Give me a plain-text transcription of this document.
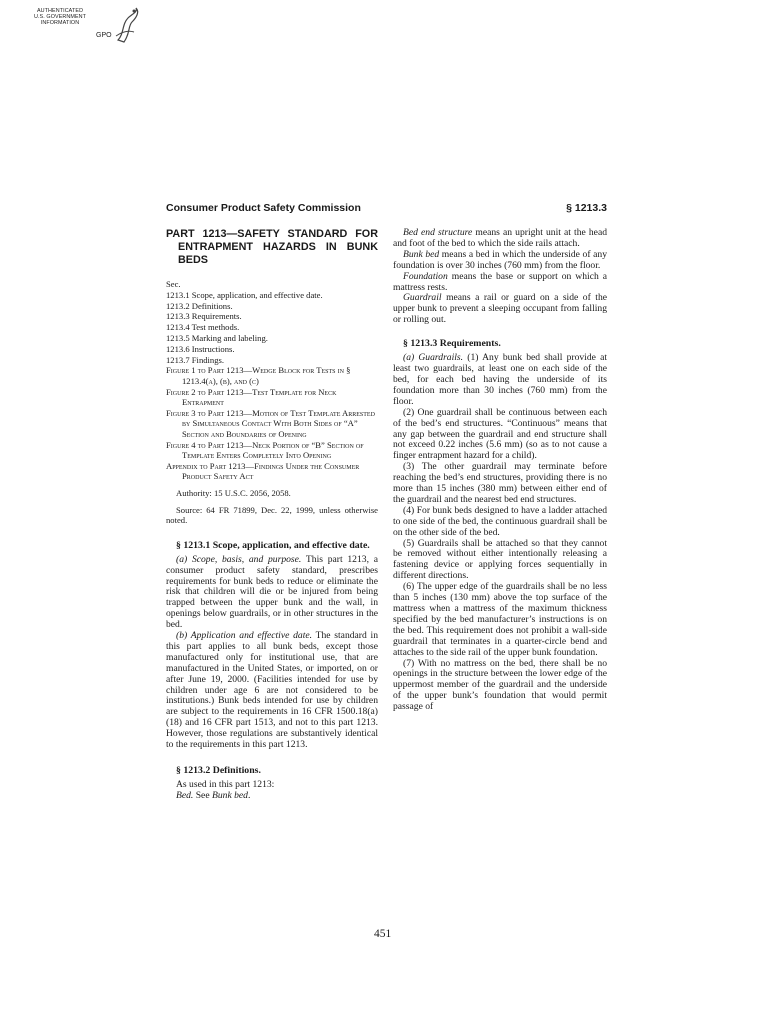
AUTHENTICATED
U.S. GOVERNMENT
INFORMATION
GPO
Consumer Product Safety Commission	§ 1213.3
PART 1213—SAFETY STANDARD FOR ENTRAPMENT HAZARDS IN BUNK BEDS
Sec.
1213.1 Scope, application, and effective date.
1213.2 Definitions.
1213.3 Requirements.
1213.4 Test methods.
1213.5 Marking and labeling.
1213.6 Instructions.
1213.7 Findings.
Figure 1 to Part 1213—Wedge Block for Tests in § 1213.4(a), (b), and (c)
Figure 2 to Part 1213—Test Template for Neck Entrapment
Figure 3 to Part 1213—Motion of Test Template Arrested by Simultaneous Contact With Both Sides of “A” Section and Boundaries of Opening
Figure 4 to Part 1213—Neck Portion of “B” Section of Template Enters Completely Into Opening
Appendix to Part 1213—Findings Under the Consumer Product Safety Act
Authority: 15 U.S.C. 2056, 2058.
Source: 64 FR 71899, Dec. 22, 1999, unless otherwise noted.
§ 1213.1 Scope, application, and effective date.
(a) Scope, basis, and purpose. This part 1213, a consumer product safety standard, prescribes requirements for bunk beds to reduce or eliminate the risk that children will die or be injured from being trapped between the upper bunk and the wall, in openings below guardrails, or in other structures in the bed.
(b) Application and effective date. The standard in this part applies to all bunk beds, except those manufactured only for institutional use, that are manufactured in the United States, or imported, on or after June 19, 2000. (Facilities intended for use by children under age 6 are not considered to be institutions.) Bunk beds intended for use by children are subject to the requirements in 16 CFR 1500.18(a)(18) and 16 CFR part 1513, and not to this part 1213. However, those regulations are substantively identical to the requirements in this part 1213.
§ 1213.2 Definitions.
As used in this part 1213:
Bed. See Bunk bed.
Bed end structure means an upright unit at the head and foot of the bed to which the side rails attach.
Bunk bed means a bed in which the underside of any foundation is over 30 inches (760 mm) from the floor.
Foundation means the base or support on which a mattress rests.
Guardrail means a rail or guard on a side of the upper bunk to prevent a sleeping occupant from falling or rolling out.
§ 1213.3 Requirements.
(a) Guardrails. (1) Any bunk bed shall provide at least two guardrails, at least one on each side of the bed, for each bed having the underside of its foundation more than 30 inches (760 mm) from the floor.
(2) One guardrail shall be continuous between each of the bed’s end structures. “Continuous” means that any gap between the guardrail and end structure shall not exceed 0.22 inches (5.6 mm) (so as to not cause a finger entrapment hazard for a child).
(3) The other guardrail may terminate before reaching the bed’s end structures, providing there is no more than 15 inches (380 mm) between either end of the guardrail and the nearest bed end structures.
(4) For bunk beds designed to have a ladder attached to one side of the bed, the continuous guardrail shall be on the other side of the bed.
(5) Guardrails shall be attached so that they cannot be removed without either intentionally releasing a fastening device or applying forces sequentially in different directions.
(6) The upper edge of the guardrails shall be no less than 5 inches (130 mm) above the top surface of the mattress when a mattress of the maximum thickness specified by the bed manufacturer’s instructions is on the bed. This requirement does not prohibit a wall-side guardrail that terminates in a quarter-circle bend and attaches to the side rail of the upper bunk foundation.
(7) With no mattress on the bed, there shall be no openings in the structure between the lower edge of the uppermost member of the guardrail and the underside of the upper bunk’s foundation that would permit passage of
451
